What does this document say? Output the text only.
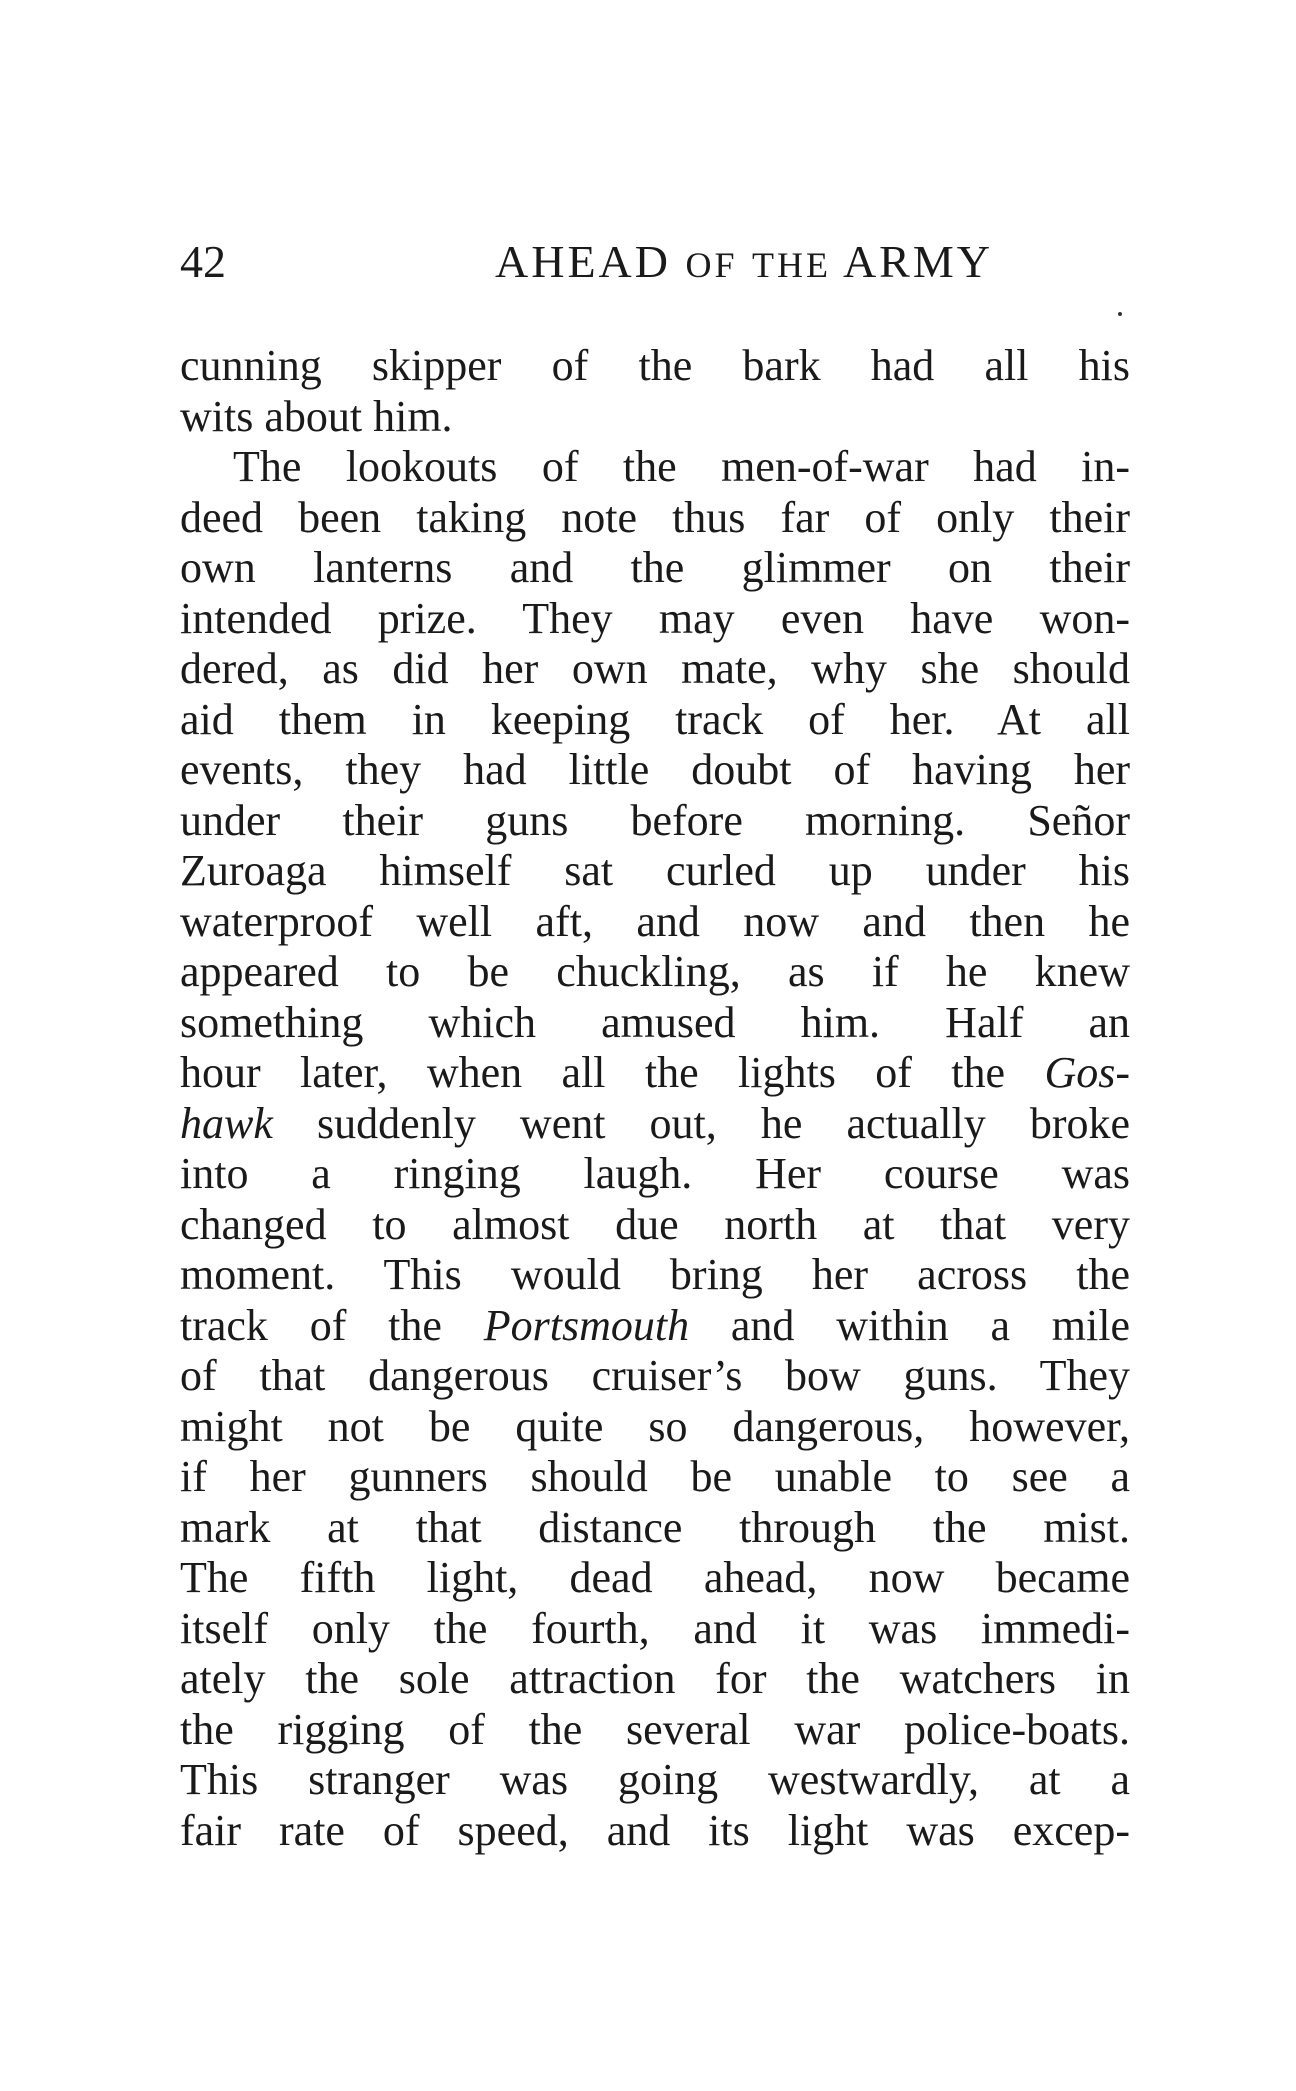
42	AHEAD OF THE ARMY
cunning skipper of the bark had all his
wits about him.
The lookouts of the men-of-war had in-
deed been taking note thus far of only their
own lanterns and the glimmer on their
intended prize. They may even have won-
dered, as did her own mate, why she should
aid them in keeping track of her. At all
events, they had little doubt of having her
under their guns before morning. Señor
Zuroaga himself sat curled up under his
waterproof well aft, and now and then he
appeared to be chuckling, as if he knew
something which amused him. Half an
hour later, when all the lights of the Gos-
hawk suddenly went out, he actually broke
into a ringing laugh. Her course was
changed to almost due north at that very
moment. This would bring her across the
track of the Portsmouth and within a mile
of that dangerous cruiser’s bow guns. They
might not be quite so dangerous, however,
if her gunners should be unable to see a
mark at that distance through the mist.
The fifth light, dead ahead, now became
itself only the fourth, and it was immedi-
ately the sole attraction for the watchers in
the rigging of the several war police-boats.
This stranger was going westwardly, at a
fair rate of speed, and its light was excep-
